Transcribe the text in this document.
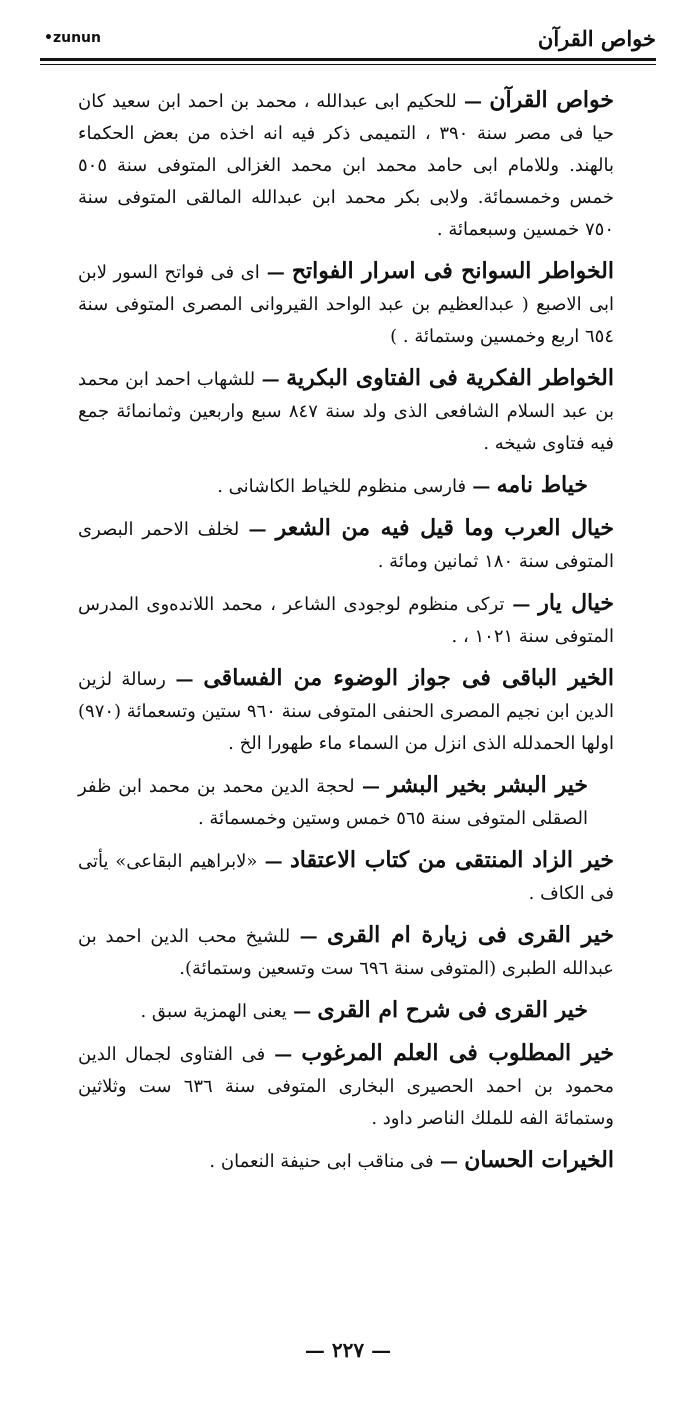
خواص القرآن
•zunun

خواص القرآن — للحكيم ابى عبدالله ، محمد بن احمد ابن سعيد كان حيا فى مصر سنة ٣٩٠ ، التميمى ذكر فيه انه اخذه من بعض الحكماء بالهند. وللامام ابى حامد محمد ابن محمد الغزالى المتوفى سنة ٥٠٥ خمس وخمسمائة. ولابى بكر محمد ابن عبدالله المالقى المتوفى سنة ٧٥٠ خمسين وسبعمائة .

الخواطر السوانح فى اسرار الفواتح — اى فى فواتح السور لابن ابى الاصبع ( عبدالعظيم بن عبد الواحد القيروانى المصرى المتوفى سنة ٦٥٤ اربع وخمسين وستمائة . )

الخواطر الفكرية فى الفتاوى البكرية — للشهاب احمد ابن محمد بن عبد السلام الشافعى الذى ولد سنة ٨٤٧ سبع واربعين وثمانمائة جمع فيه فتاوى شيخه .

خياط نامه — فارسى منظوم للخياط الكاشانى .

خيال العرب وما قيل فيه من الشعر — لخلف الاحمر البصرى المتوفى سنة ١٨٠ ثمانين ومائة .

خيال يار — تركى منظوم لوجودى الشاعر ، محمد اللاندەوى المدرس المتوفى سنة ١٠٢١ ، .

الخير الباقى فى جواز الوضوء من الفساقى — رسالة لزين الدين ابن نجيم المصرى الحنفى المتوفى سنة ٩٦٠ ستين وتسعمائة (٩٧٠) اولها الحمدلله الذى انزل من السماء ماء طهورا الخ .

خير البشر بخير البشر — لحجة الدين محمد بن محمد ابن ظفر الصقلى المتوفى سنة ٥٦٥ خمس وستين وخمسمائة .

خير الزاد المنتقى من كتاب الاعتقاد — «لابراهيم البقاعى» يأتى فى الكاف .

خير القرى فى زيارة ام القرى — للشيخ محب الدين احمد بن عبدالله الطبرى (المتوفى سنة ٦٩٦ ست وتسعين وستمائة).

خير القرى فى شرح ام القرى — يعنى الهمزية سبق .

خير المطلوب فى العلم المرغوب — فى الفتاوى لجمال الدين محمود بن احمد الحصيرى البخارى المتوفى سنة ٦٣٦ ست وثلاثين وستمائة الفه للملك الناصر داود .

الخيرات الحسان — فى مناقب ابى حنيفة النعمان .

— ٢٢٧ —
